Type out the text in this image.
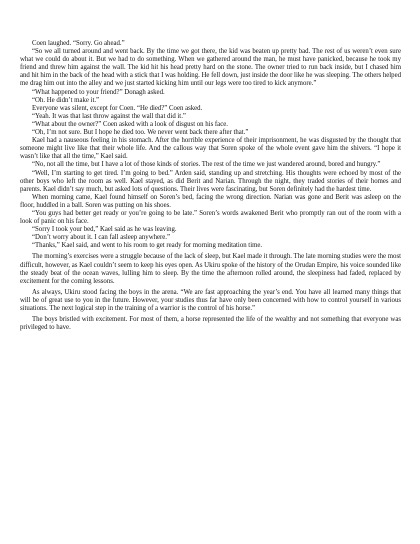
Coen laughed. “Sorry. Go ahead.”

“So we all turned around and went back. By the time we got there, the kid was beaten up pretty bad. The rest of us weren’t even sure what we could do about it. But we had to do something. When we gathered around the man, he must have panicked, because he took my friend and threw him against the wall. The kid hit his head pretty hard on the stone. The owner tried to run back inside, but I chased him and hit him in the back of the head with a stick that I was holding. He fell down, just inside the door like he was sleeping. The others helped me drag him out into the alley and we just started kicking him until our legs were too tired to kick anymore.”

“What happened to your friend?” Donagh asked.

“Oh. He didn’t make it.”

Everyone was silent, except for Coen. “He died?” Coen asked.

“Yeah. It was that last throw against the wall that did it.”

“What about the owner?” Coen asked with a look of disgust on his face.

“Oh, I’m not sure. But I hope he died too. We never went back there after that.”

Kael had a nauseous feeling in his stomach. After the horrible experience of their imprisonment, he was disgusted by the thought that someone might live like that their whole life. And the callous way that Soren spoke of the whole event gave him the shivers. “I hope it wasn’t like that all the time,” Kael said.

“No, not all the time, but I have a lot of those kinds of stories. The rest of the time we just wandered around, bored and hungry.”

“Well, I’m starting to get tired. I’m going to bed.” Arden said, standing up and stretching. His thoughts were echoed by most of the other boys who left the room as well. Kael stayed, as did Berit and Narian. Through the night, they traded stories of their homes and parents. Kael didn’t say much, but asked lots of questions. Their lives were fascinating, but Soren definitely had the hardest time.

When morning came, Kael found himself on Soren’s bed, facing the wrong direction. Narian was gone and Berit was asleep on the floor, huddled in a ball. Soren was putting on his shoes.

“You guys had better get ready or you’re going to be late.” Soren’s words awakened Berit who promptly ran out of the room with a look of panic on his face.

“Sorry I took your bed,” Kael said as he was leaving.

“Don’t worry about it. I can fall asleep anywhere.”

“Thanks,” Kael said, and went to his room to get ready for morning meditation time.

The morning’s exercises were a struggle because of the lack of sleep, but Kael made it through. The late morning studies were the most difficult, however, as Kael couldn’t seem to keep his eyes open. As Ukiru spoke of the history of the Orudan Empire, his voice sounded like the steady beat of the ocean waves, lulling him to sleep. By the time the afternoon rolled around, the sleepiness had faded, replaced by excitement for the coming lessons.

As always, Ukiru stood facing the boys in the arena. “We are fast approaching the year’s end. You have all learned many things that will be of great use to you in the future. However, your studies thus far have only been concerned with how to control yourself in various situations. The next logical step in the training of a warrior is the control of his horse.”

The boys bristled with excitement. For most of them, a horse represented the life of the wealthy and not something that everyone was privileged to have.
